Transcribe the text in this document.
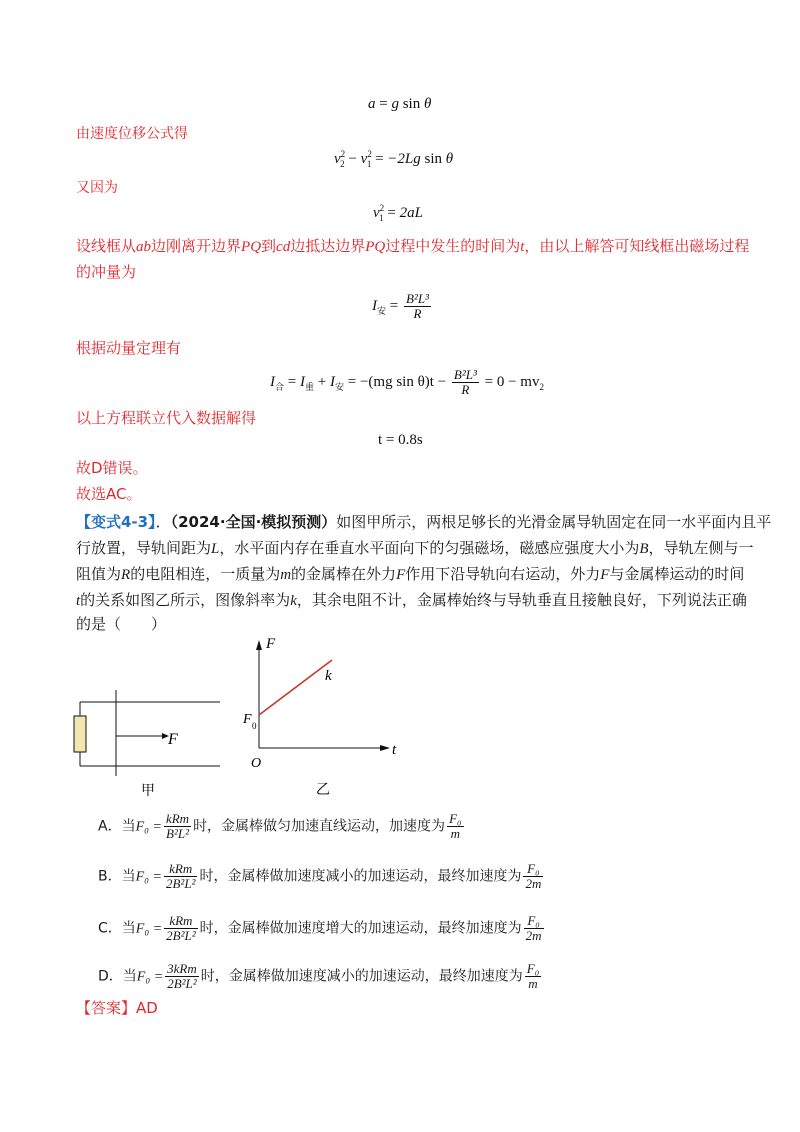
a = g sin θ
由速度位移公式得
$v^2_2 - v^2_1 = -2Lg$ sin θ
又因为
$v^2_1 = 2aL$
设线框从ab边刚离开边界PQ到cd边抵达边界PQ过程中发生的时间为t，由以上解答可知线框出磁场过程
的冲量为
$I_安 = \frac{\text{B²L³}}{R}$
根据动量定理有
$I_合 = I_重 + I_安 = -(mg$ $\sin \theta)t - \frac{\text{B²L³}}{R} = 0 - mv_2$
以上方程联立代入数据解得
t = 0.8s
故D错误。
故选AC。
【变式4-3】．（2024·全国·模拟预测）如图甲所示，两根足够长的光滑金属导轨固定在同一水平面内且平
行放置，导轨间距为L，水平面内存在垂直水平面向下的匀强磁场，磁感应强度大小为B，导轨左侧与一
阻值为R的电阻相连，一质量为m的金属棒在外力F作用下沿导轨向右运动，外力F与金属棒运动的时间
t的关系如图乙所示，图像斜率为k，其余电阻不计，金属棒始终与导轨垂直且接触良好，下列说法正确
的是（　　）
F
甲
F
t
O
F 0
k
乙
A．当$F_0 = \frac{\text{kRm}}{\text{B²L²}}$ 时，金属棒做匀加速直线运动，加速度为 $\frac{\text{F₀}}{m}$
B．当$F_0 = \frac{\text{kRm}}{\text{2B²L²}}$ 时，金属棒做加速度减小的加速运动，最终加速度为 $\frac{\text{F₀}}{2m}$
C．当$F_0 = \frac{\text{kRm}}{\text{2B²L²}}$ 时，金属棒做加速度增大的加速运动，最终加速度为 $\frac{\text{F₀}}{2m}$
D．当$F_0 = \frac{\text{3kRm}}{\text{2B²L²}}$ 时，金属棒做加速度减小的加速运动，最终加速度为 $\frac{\text{F₀}}{m}$
【答案】AD
